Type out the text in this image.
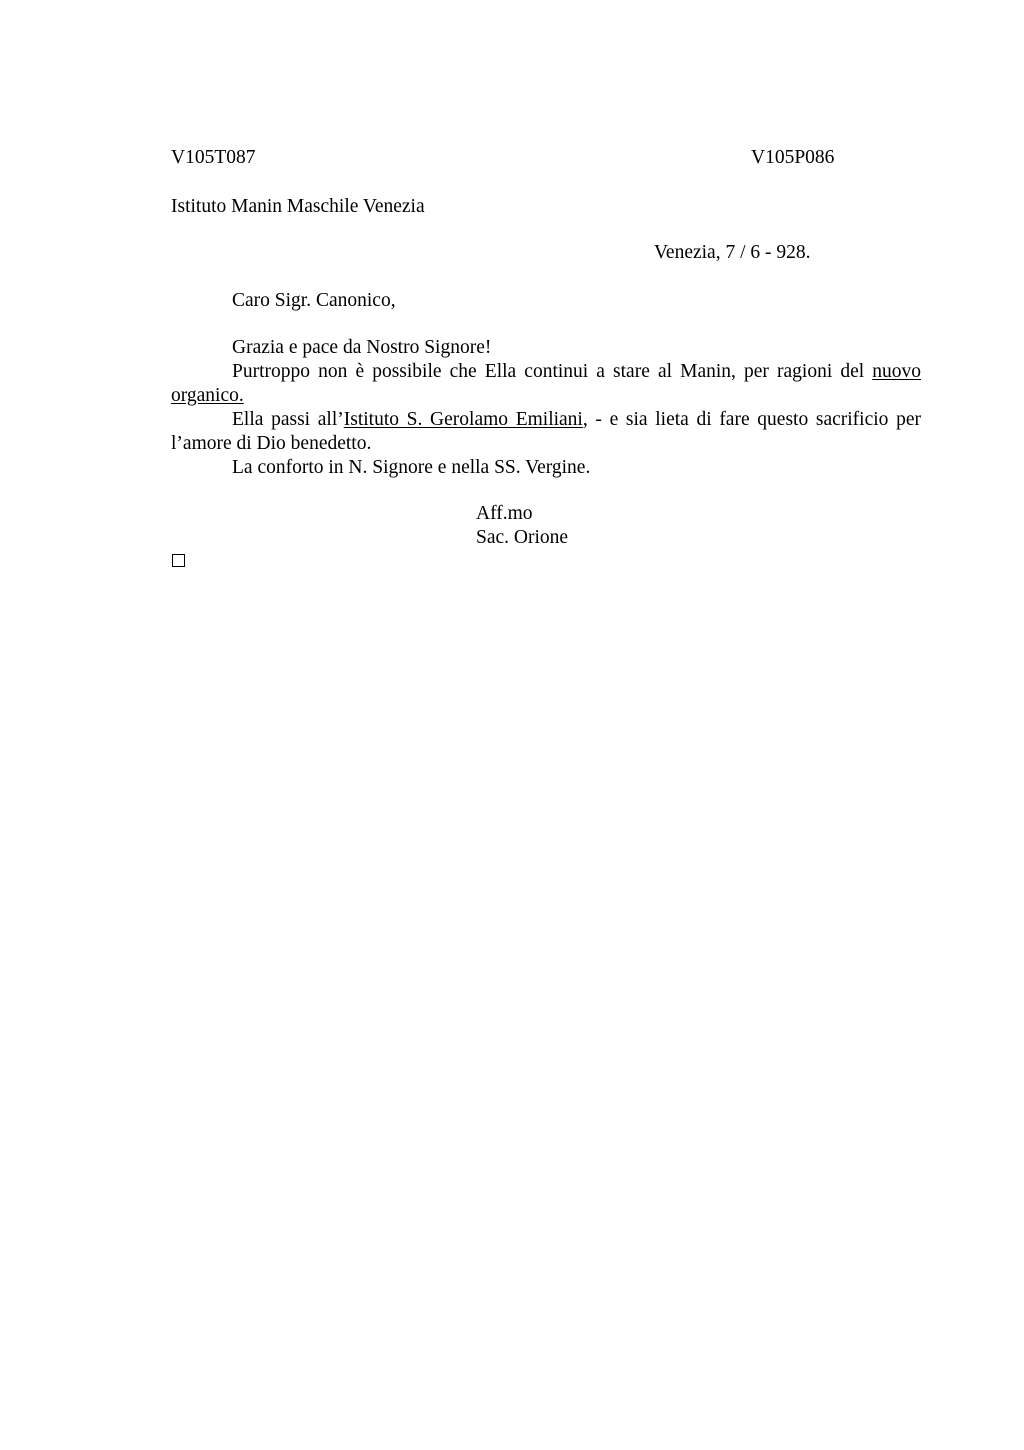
V105T087	V105P086
Istituto Manin Maschile Venezia
Venezia, 7 / 6 - 928.
Caro Sigr. Canonico,

Grazia e pace da Nostro Signore!

Purtroppo non è possibile che Ella continui a stare al Manin, per ragioni del nuovo organico.

Ella passi all’Istituto S. Gerolamo Emiliani, - e sia lieta di fare questo sacrificio per l’amore di Dio benedetto.

La conforto in N. Signore e nella SS. Vergine.

Aff.mo
Sac. Orione
